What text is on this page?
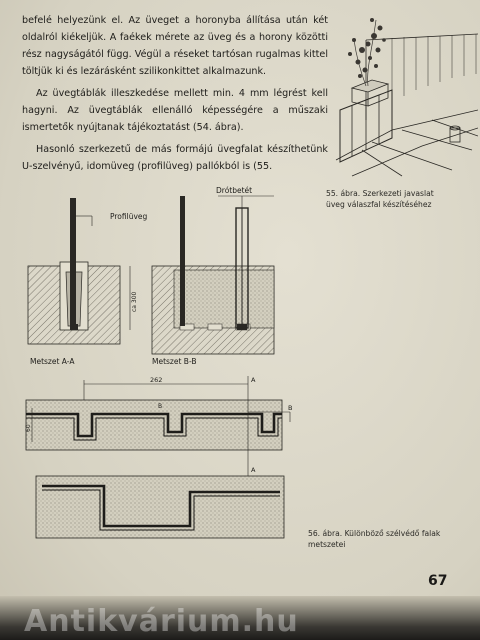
befelé helyezünk el. Az üveget a horonyba állítása után két oldalról kiékeljük. A faékek mérete az üveg és a horony közötti rész nagyságától függ. Végül a réseket tartósan rugalmas kittel töltjük ki és lezárásként szilikonkittet alkalmazunk.

Az üvegtáblák illeszkedése mellett min. 4 mm légrést kell hagyni. Az üvegtáblák ellenálló képességére a műszaki ismertetők nyújtanak tájékoztatást (54. ábra).

Hasonló szerkezetű de más formájú üvegfalat készíthetünk U-szelvényű, idomüveg (profilüveg) pallókból is (55.

55. ábra. Szerkezeti javaslat üveg válaszfal készítéséhez
Profilüveg
Metszet A-A
ca 300
Drótbetét
Metszet B-B
262
60
A
A
B
B
56. ábra. Különböző szélvédő falak metszetei
67
Antikvárium.hu
